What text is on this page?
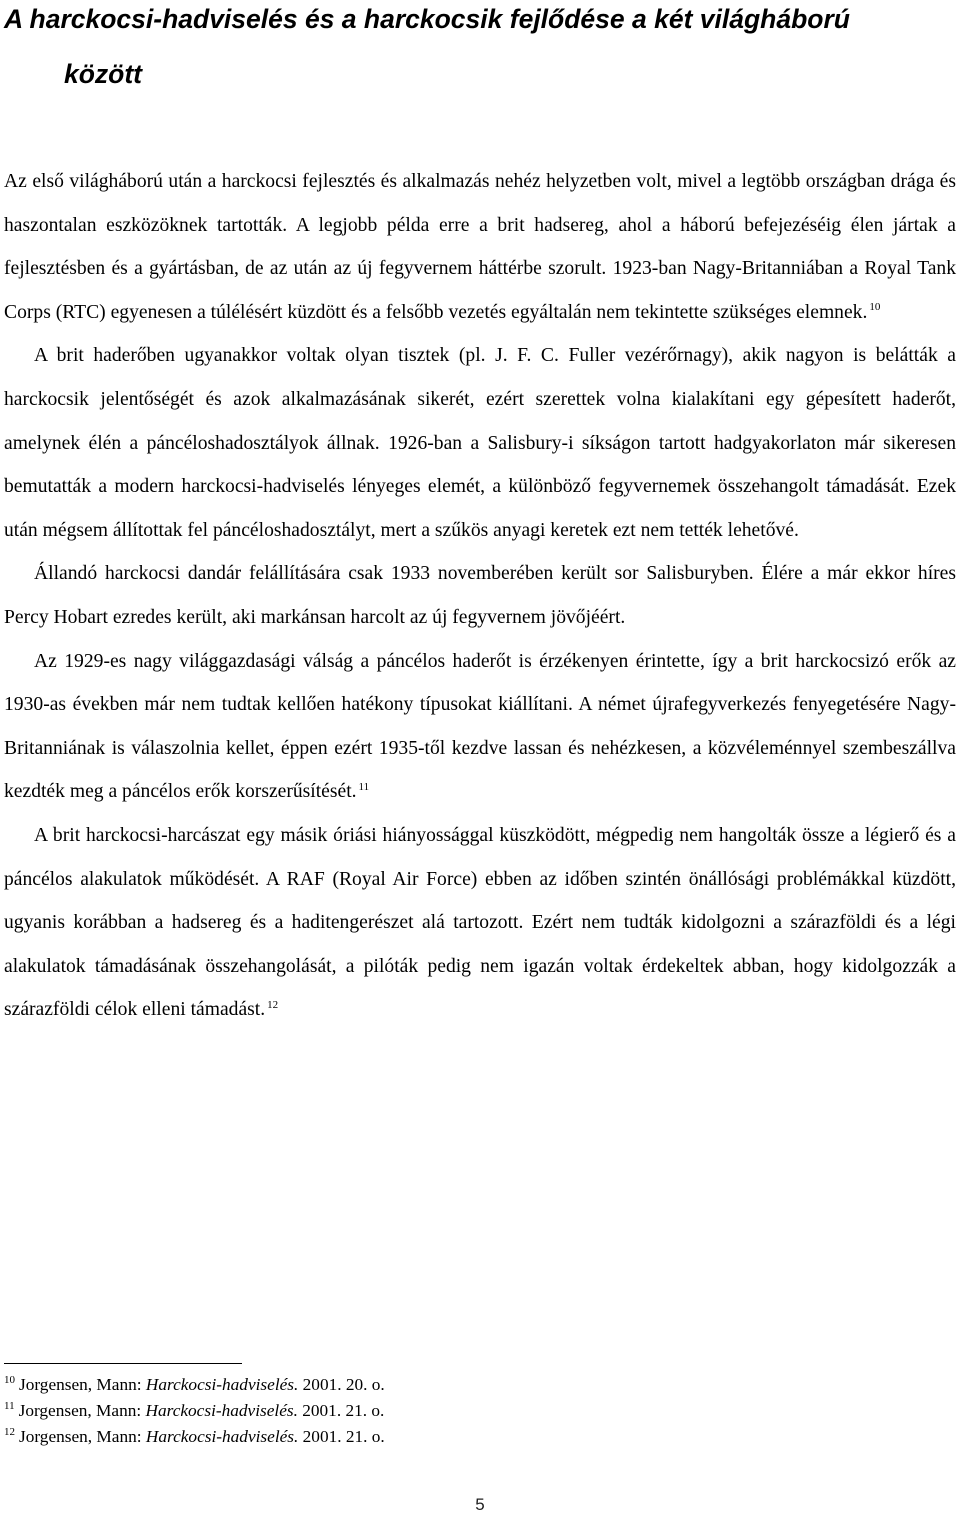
A harckocsi-hadviselés és a harckocsik fejlődése a két világháború
között

Az első világháború után a harckocsi fejlesztés és alkalmazás nehéz helyzetben volt, mivel a legtöbb országban drága és haszontalan eszközöknek tartották. A legjobb példa erre a brit hadsereg, ahol a háború befejezéséig élen jártak a fejlesztésben és a gyártásban, de az után az új fegyvernem háttérbe szorult. 1923-ban Nagy-Britanniában a Royal Tank Corps (RTC) egyenesen a túlélésért küzdött és a felsőbb vezetés egyáltalán nem tekintette szükséges elemnek. $^{10}$

A brit haderőben ugyanakkor voltak olyan tisztek (pl. J. F. C. Fuller vezérőrnagy), akik nagyon is belátták a harckocsik jelentőségét és azok alkalmazásának sikerét, ezért szerettek volna kialakítani egy gépesített haderőt, amelynek élén a páncéloshadosztályok állnak. 1926-ban a Salisbury-i síkságon tartott hadgyakorlaton már sikeresen bemutatták a modern harckocsi-hadviselés lényeges elemét, a különböző fegyvernemek összehangolt támadását. Ezek után mégsem állítottak fel páncéloshadosztályt, mert a szűkös anyagi keretek ezt nem tették lehetővé.

Állandó harckocsi dandár felállítására csak 1933 novemberében került sor Salisburyben. Élére a már ekkor híres Percy Hobart ezredes került, aki markánsan harcolt az új fegyvernem jövőjéért.

Az 1929-es nagy világgazdasági válság a páncélos haderőt is érzékenyen érintette, így a brit harckocsizó erők az 1930-as években már nem tudtak kellően hatékony típusokat kiállítani. A német újrafegyverkezés fenyegetésére Nagy-Britanniának is válaszolnia kellet, éppen ezért 1935-től kezdve lassan és nehézkesen, a közvéleménnyel szembeszállva kezdték meg a páncélos erők korszerűsítését. $^{11}$

A brit harckocsi-harcászat egy másik óriási hiányossággal küszködött, mégpedig nem hangolták össze a légierő és a páncélos alakulatok működését. A RAF (Royal Air Force) ebben az időben szintén önállósági problémákkal küzdött, ugyanis korábban a hadsereg és a haditengerészet alá tartozott. Ezért nem tudták kidolgozni a szárazföldi és a légi alakulatok támadásának összehangolását, a pilóták pedig nem igazán voltak érdekeltek abban, hogy kidolgozzák a szárazföldi célok elleni támadást. $^{12}$

$^{10}$ Jorgensen, Mann: Harckocsi-hadviselés. 2001. 20. o.
$^{11}$ Jorgensen, Mann: Harckocsi-hadviselés. 2001. 21. o.
$^{12}$ Jorgensen, Mann: Harckocsi-hadviselés. 2001. 21. o.
5
